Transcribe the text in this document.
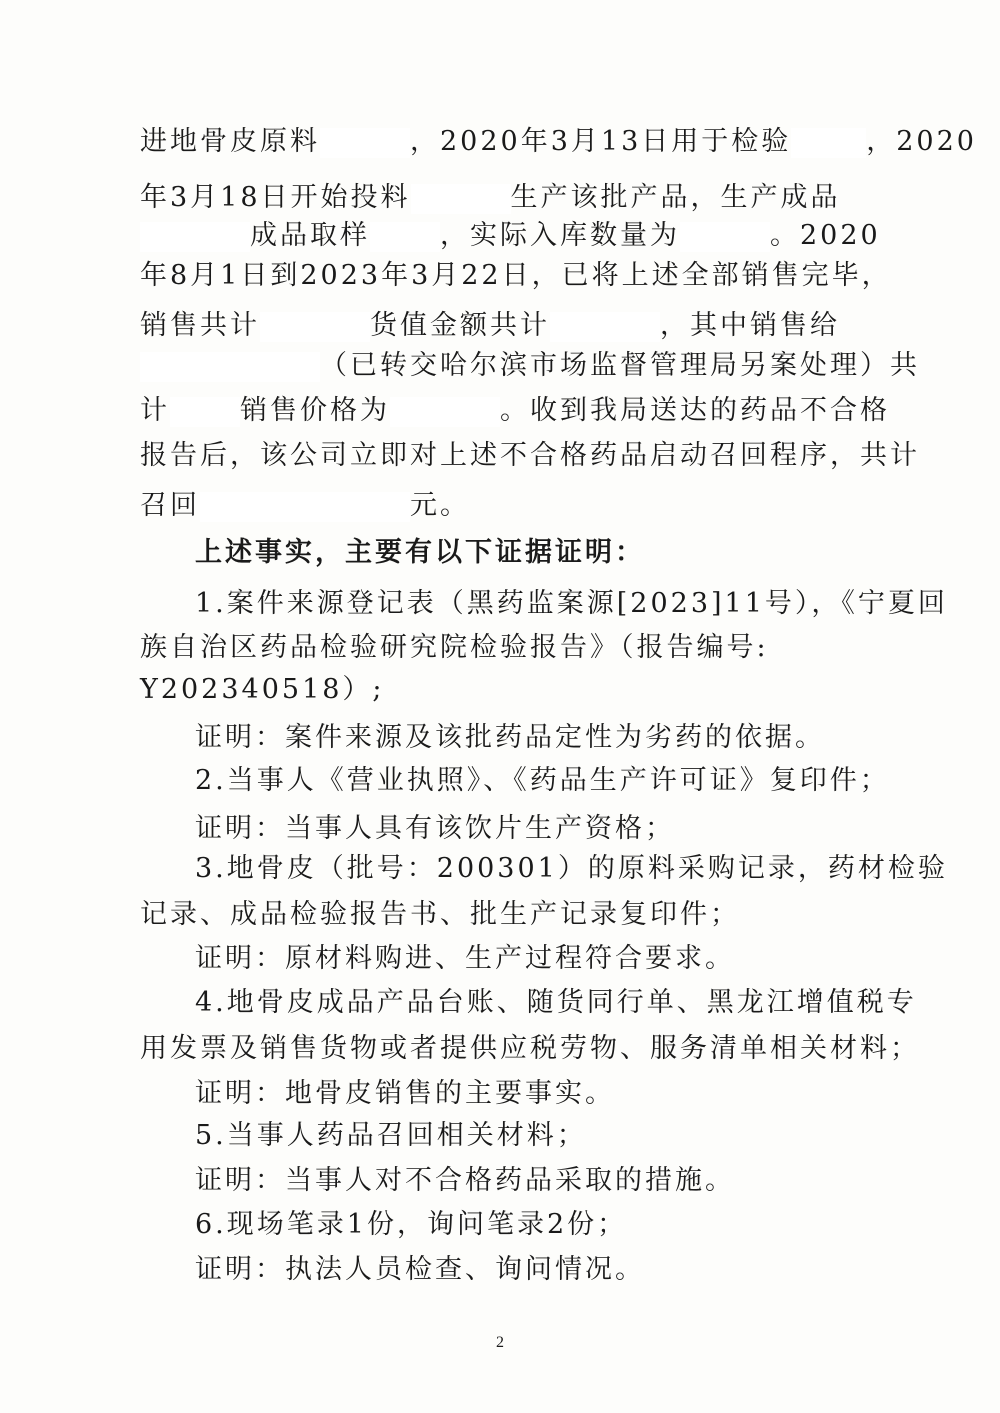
进地骨皮原料	，2020年3月13日用于检验	，2020
年3月18日开始投料	生产该批产品，生产成品
成品取样	，实际入库数量为	。2020
年8月1日到2023年3月22日，已将上述全部销售完毕，
销售共计	货值金额共计	，其中销售给
（已转交哈尔滨市场监督管理局另案处理）共
计	销售价格为	。收到我局送达的药品不合格
报告后，该公司立即对上述不合格药品启动召回程序，共计
召回	元。
上述事实，主要有以下证据证明：
1.案件来源登记表（黑药监案源[2023]11号），《宁夏回
族自治区药品检验研究院检验报告》（报告编号:
Y202340518）;
证明：案件来源及该批药品定性为劣药的依据。
2.当事人《营业执照》、《药品生产许可证》复印件；
证明：当事人具有该饮片生产资格；
3.地骨皮（批号：200301）的原料采购记录，药材检验
记录、成品检验报告书、批生产记录复印件；
证明：原材料购进、生产过程符合要求。
4.地骨皮成品产品台账、随货同行单、黑龙江增值税专
用发票及销售货物或者提供应税劳物、服务清单相关材料；
证明：地骨皮销售的主要事实。
5.当事人药品召回相关材料；
证明：当事人对不合格药品采取的措施。
6.现场笔录1份，询问笔录2份；
证明：执法人员检查、询问情况。
2
